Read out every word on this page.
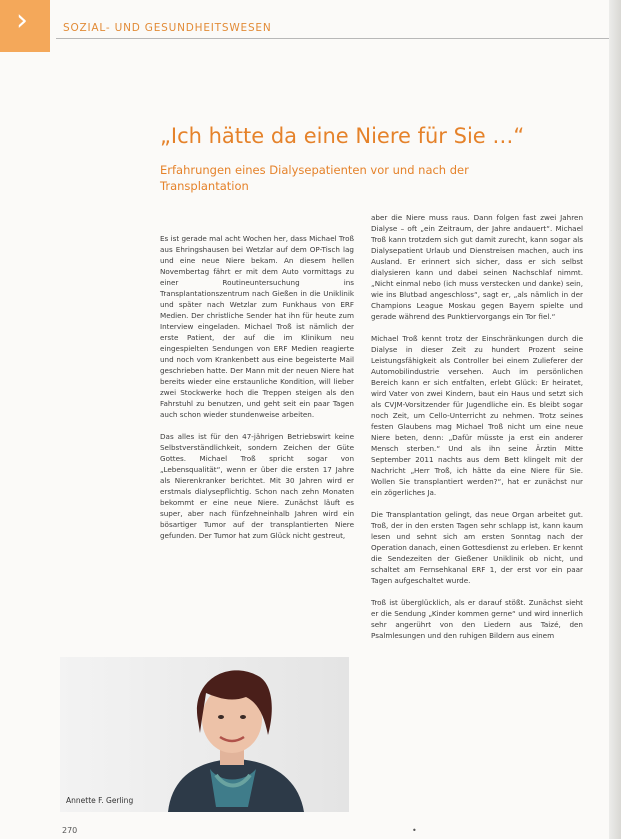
›	SOZIAL- UND GESUNDHEITSWESEN
„Ich hätte da eine Niere für Sie …“
Erfahrungen eines Dialysepatienten vor und nach der Transplantation

Es ist gerade mal acht Wochen her, dass Michael Troß aus Ehringshausen bei Wetzlar auf dem OP-Tisch lag und eine neue Niere bekam. An diesem hellen Novembertag fährt er mit dem Auto vormittags zu einer Routineuntersuchung ins Transplantationszentrum nach Gießen in die Uniklinik und später nach Wetzlar zum Funkhaus von ERF Medien. Der christliche Sender hat ihn für heute zum Interview eingeladen. Michael Troß ist nämlich der erste Patient, der auf die im Klinikum neu eingespielten Sendungen von ERF Medien reagierte und noch vom Krankenbett aus eine begeisterte Mail geschrieben hatte. Der Mann mit der neuen Niere hat bereits wieder eine erstaunliche Kondition, will lieber zwei Stockwerke hoch die Treppen steigen als den Fahrstuhl zu benutzen, und geht seit ein paar Tagen auch schon wieder stundenweise arbeiten.

Das alles ist für den 47-jährigen Betriebswirt keine Selbstverständlichkeit, sondern Zeichen der Güte Gottes. Michael Troß spricht sogar von „Lebensqualität“, wenn er über die ersten 17 Jahre als Nierenkranker berichtet. Mit 30 Jahren wird er erstmals dialysepflichtig. Schon nach zehn Monaten bekommt er eine neue Niere. Zunächst läuft es super, aber nach fünfzehneinhalb Jahren wird ein bösartiger Tumor auf der transplantierten Niere gefunden. Der Tumor hat zum Glück nicht gestreut,

aber die Niere muss raus. Dann folgen fast zwei Jahren Dialyse – oft „ein Zeitraum, der Jahre andauert“. Michael Troß kann trotzdem sich gut damit zurecht, kann sogar als Dialysepatient Urlaub und Dienstreisen machen, auch ins Ausland. Er erinnert sich sicher, dass er sich selbst dialysieren kann und dabei seinen Nachschlaf nimmt. „Nicht einmal nebo (ich muss verstecken und danke) sein, wie ins Blutbad angeschloss“, sagt er, „als nämlich in der Champions League Moskau gegen Bayern spielte und gerade während des Punktiervorgangs ein Tor fiel.“

Michael Troß kennt trotz der Einschränkungen durch die Dialyse in dieser Zeit zu hundert Prozent seine Leistungsfähigkeit als Controller bei einem Zulieferer der Automobilindustrie versehen. Auch im persönlichen Bereich kann er sich entfalten, erlebt Glück: Er heiratet, wird Vater von zwei Kindern, baut ein Haus und setzt sich als CVJM-Vorsitzender für Jugendliche ein. Es bleibt sogar noch Zeit, um Cello-Unterricht zu nehmen. Trotz seines festen Glaubens mag Michael Troß nicht um eine neue Niere beten, denn: „Dafür müsste ja erst ein anderer Mensch sterben.“ Und als ihn seine Ärztin Mitte September 2011 nachts aus dem Bett klingelt mit der Nachricht „Herr Troß, ich hätte da eine Niere für Sie. Wollen Sie transplantiert werden?“, hat er zunächst nur ein zögerliches Ja.

Die Transplantation gelingt, das neue Organ arbeitet gut. Troß, der in den ersten Tagen sehr schlapp ist, kann kaum lesen und sehnt sich am ersten Sonntag nach der Operation danach, einen Gottesdienst zu erleben. Er kennt die Sendezeiten der Gießener Uniklinik ob nicht, und schaltet am Fernsehkanal ERF 1, der erst vor ein paar Tagen aufgeschaltet wurde.

Troß ist überglücklich, als er darauf stößt. Zunächst sieht er die Sendung „Kinder kommen gerne“ und wird innerlich sehr angerührt von den Liedern aus Taizé, den Psalmlesungen und den ruhigen Bildern aus einem

Annette F. Gerling
270	•
